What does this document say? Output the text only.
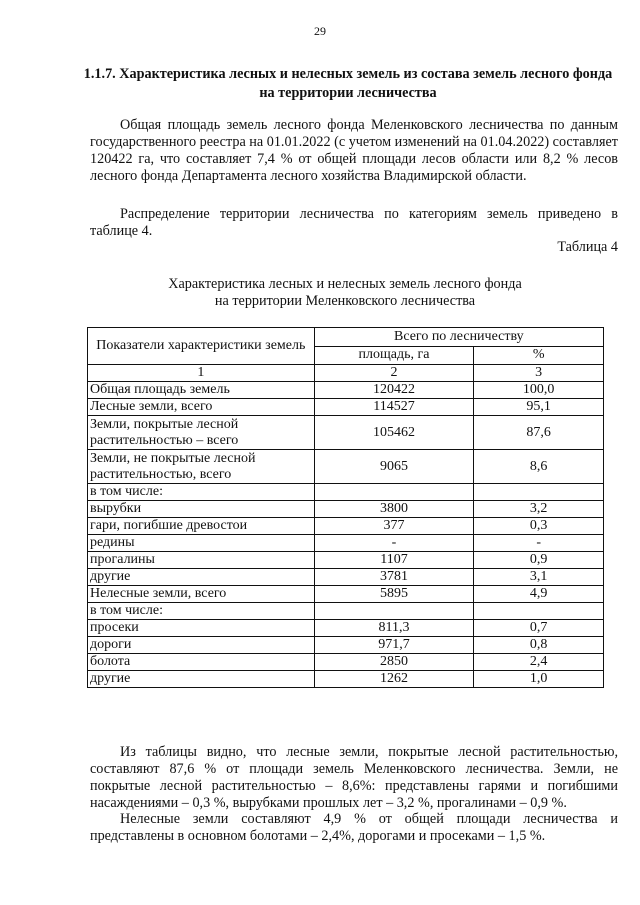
29
1.1.7. Характеристика лесных и нелесных земель из состава земель лесного фонда на территории лесничества
Общая площадь земель лесного фонда Меленковского лесничества по данным государственного реестра на 01.01.2022 (с учетом изменений на 01.04.2022) составляет 120422 га, что составляет 7,4 % от общей площади лесов области или 8,2 % лесов лесного фонда Департамента лесного хозяйства Владимирской области.
Распределение территории лесничества по категориям земель приведено в таблице 4.
Таблица 4
Характеристика лесных и нелесных земель лесного фонда
на территории Меленковского лесничества
Показатели характеристики земель	Всего по лесничеству	
	площадь, га	%
1	2	3
Общая площадь земель	120422	100,0
Лесные земли, всего	114527	95,1
Земли, покрытые лесной растительностью – всего	105462	87,6
Земли, не покрытые лесной растительностью, всего	9065	8,6
в том числе:		
вырубки	3800	3,2
гари, погибшие древостои	377	0,3
редины	-	-
прогалины	1107	0,9
другие	3781	3,1
Нелесные земли, всего	5895	4,9
в том числе:		
просеки	811,3	0,7
дороги	971,7	0,8
болота	2850	2,4
другие	1262	1,0
Из таблицы видно, что лесные земли, покрытые лесной растительностью, составляют 87,6 % от площади земель Меленковского лесничества. Земли, не покрытые лесной растительностью – 8,6%: представлены гарями и погибшими насаждениями – 0,3 %, вырубками прошлых лет – 3,2 %, прогалинами – 0,9 %.
Нелесные земли составляют 4,9 % от общей площади лесничества и представлены в основном болотами – 2,4%, дорогами и просеками – 1,5 %.
